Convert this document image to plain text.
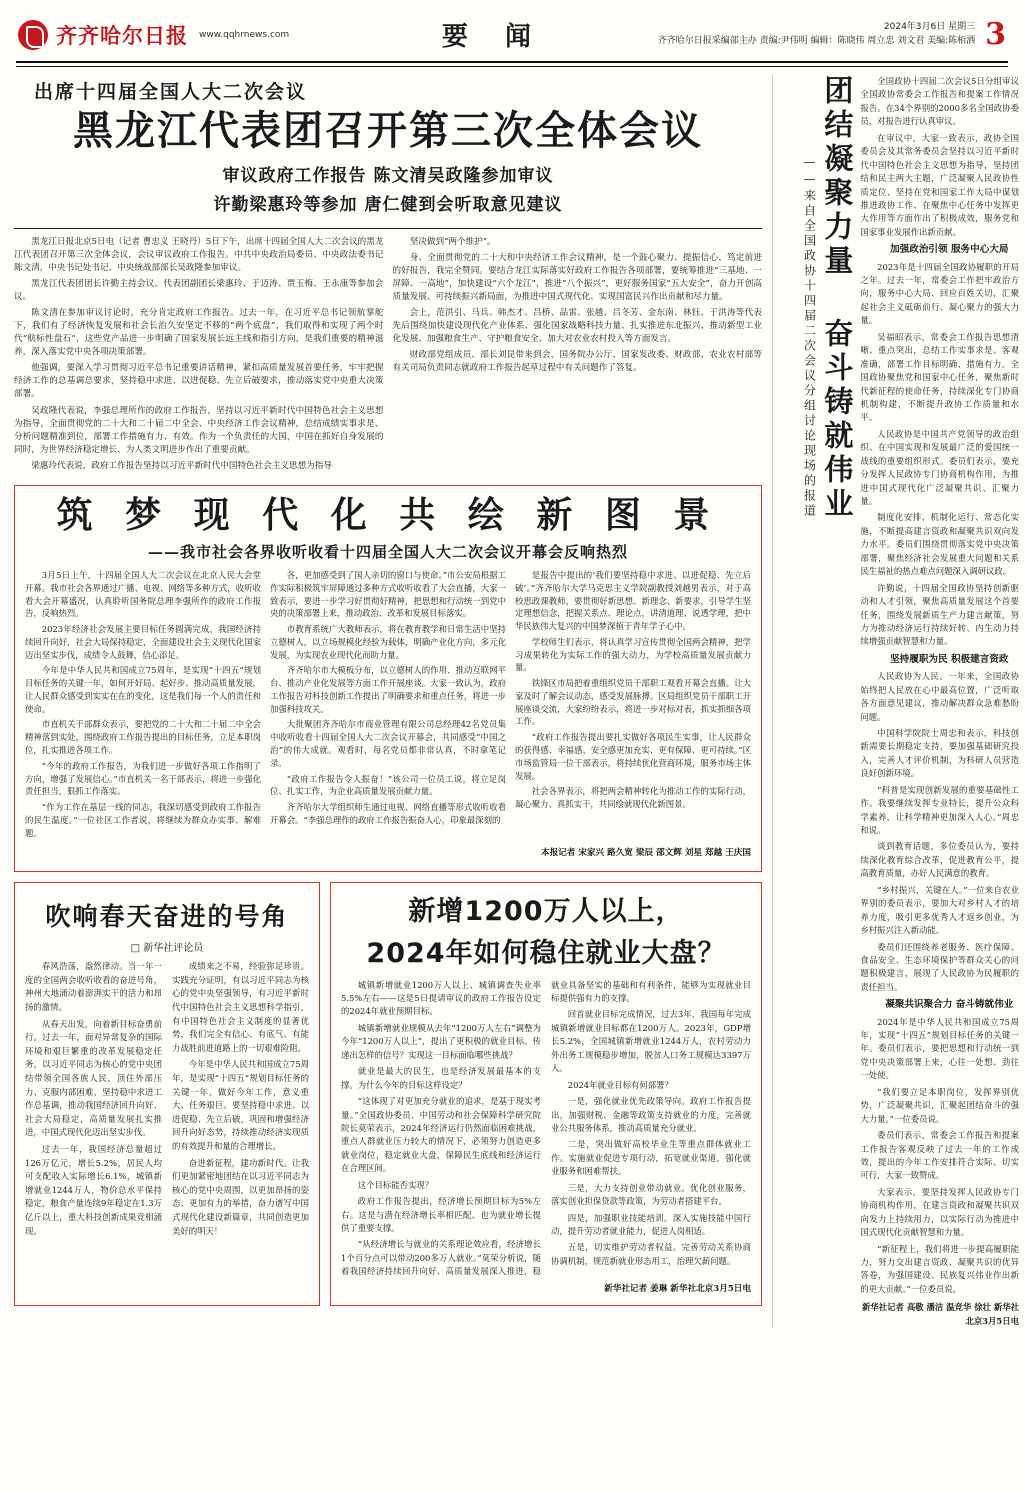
齐齐哈尔日报 www.qqhrnews.com	要 闻	2024年3月6日 星期三
齐齐哈尔日报采编部主办 责编:尹伟明 编辑：陈晓伟 周立忠 刘文君 美编:陈栢洒 3
出席十四届全国人大二次会议
黑龙江代表团召开第三次全体会议
审议政府工作报告 陈文清吴政隆参加审议
许勤梁惠玲等参加 唐仁健到会听取意见建议

黑龙江日报北京5日电（记者 曹忠义 王晓丹）5日下午，出席十四届全国人大二次会议的黑龙江代表团召开第三次全体会议，会议审议政府工作报告。中共中央政治局委员、中央政法委书记陈文清，中央书记处书记、中央统战部部长吴政隆参加审议。

黑龙江代表团团长许勤主持会议。代表团副团长梁惠玲、于迈涛、贾玉梅、王永康等参加会议。

陈文清在参加审议讨论时，充分肯定政府工作报告。过去一年，在习近平总书记领航掌舵下，我们有了经济恢复发展和社会长治久安坚定不移的“两个底盘”，我们取得和实现了两个时代“航标性盘石”，这些党产品进一步明确了国家发展长远主线和指引方向，是我们重要的精神滋养，深入落实党中央各项决策部署。

他强调，要深入学习贯彻习近平总书记重要讲话精神，紧扣高质量发展首要任务，牢牢把握经济工作的总基调总要求，坚持稳中求进、以进促稳、先立后破要求，推动落实党中央重大决策部署。

吴政隆代表说，李强总理所作的政府工作报告，坚持以习近平新时代中国特色社会主义思想为指导，全面贯彻党的二十大和二十届二中全会、中央经济工作会议精神，总结成绩实事求是、分析问题精准到位，部署工作措施有力、有效。作为一个负责任的大国，中国在抓好自身发展的同时，为世界经济稳定增长、为人类文明进步作出了重要贡献。

梁惠玲代表说，政府工作报告坚持以习近平新时代中国特色社会主义思想为指导

坚决做到“两个维护”。

身、全面贯彻党的二十大和中央经济工作会议精神，是一个鼓心聚力、提振信心、笃定前进的好报告，我完全赞同。要结合龙江实际落实好政府工作报告各项部署，要统筹推进“三基地、一屏障、一高地”，加快建设“六个龙江”，推进“八个振兴”，更好服务国家“五大安全”，奋力开创高质量发展、可持续振兴新局面，为推进中国式现代化、实现国富民兴作出贡献和尽力量。

会上，范洪引、马兵、韩杰才、吕桥、品雷、张越、吕冬芳、金东南、林钰、于洪涛等代表先后围绕加快建设现代化产业体系、强化国家战略科技力量、扎实推进东北振兴、推动新型工业化发展、加强粮食生产、守护粮食安全、加大对农业农村投入等方面发言。

财政部党组成员、部长刘昆带来到会，国务院办公厅、国家发改委、财政部、农业农村部等有关司局负责同志就政府工作报告起草过程中有关问题作了答复。

筑 梦 现 代 化 共 绘 新 图 景
——我市社会各界收听收看十四届全国人大二次会议开幕会反响热烈

3月5日上午，十四届全国人大二次会议在北京人民大会堂开幕。我市社会各界通过广播、电视、网络等多种方式，收听收看大会开幕盛况，认真聆听国务院总理李强所作的政府工作报告，反响热烈。

2023年经济社会发展主要目标任务圆满完成，我国经济持续回升向好，社会大局保持稳定，全面建设社会主义现代化国家迈出坚实步伐，成绩令人鼓舞，信心添足。

今年是中华人民共和国成立75周年，是实现“十四五”规划目标任务的关键一年，如何开好局、起好步、推动高质量发展，让人民群众感受到实实在在的变化，这是我们每一个人的责任和使命。

市直机关干部群众表示，要把党的二十大和二十届二中全会精神落到实处，围绕政府工作报告提出的目标任务，立足本职岗位，扎实推进各项工作。

“今年的政府工作报告，为我们进一步做好各项工作指明了方向，增强了发展信心。”市直机关一名干部表示，将进一步强化责任担当，狠抓工作落实。

“作为工作在基层一线的同志，我深切感受到政府工作报告的民生温度。”一位社区工作者说，将继续为群众办实事、解难题。

各，更加感受到了国人亲切的窗口与使命。”市公安局根据工作实际积极筑牢屏障通过多种方式收听收看了大会直播，大家一致表示，要进一步学习好贯彻好精神，把思想和行动统一到党中央的决策部署上来，推动政治、改革和发展目标落实。

市教育系统广大教师表示，将在教育教学和日常生活中坚持立德树人，以立场规模化经验为载体，明确产业化方向，多元化发展，为实现农业现代化而助力量。

齐齐哈尔市大模板分布，以立德树人的作用、推动互联网平台、推动产业化发展等方面工作开展座谈。大家一致认为，政府工作报告对科技创新工作提出了明确要求和重点任务，将进一步加强科技攻关。

大批聚团齐齐哈尔市商业管理有限公司总经理42名党员集中收听收看十四届全国人大二次会议开幕会，共同感受“中国之治”的伟大成就。观看时，每名党员都非常认真，不时拿笔记录。

“政府工作报告令人振奋！”该公司一位员工说，将立足岗位、扎实工作，为企业高质量发展贡献力量。

齐齐哈尔大学组织师生通过电视、网络直播等形式收听收看开幕会。“李强总理作的政府工作报告振奋人心，印象最深刻的

是报告中提出的‘我们要坚持稳中求进、以进促稳、先立后破’。”齐齐哈尔大学马克思主义学院副教授刘越男表示，对于高校思政课教师，要贯彻好新思想、新理念、新要求，引导学生坚定理想信念，把握关系点、理论点，讲清道理、说透学理，把中华民族伟大复兴的中国梦深植于青年学子心中。

学校师生们表示，将认真学习宣传贯彻全国两会精神，把学习成果转化为实际工作的强大动力，为学校高质量发展贡献力量。

铁锋区市局把着重组织党员干部职工观看开幕会直播。让大家及时了解会议动态，感受发展脉搏。区局组织党员干部职工开展座谈交流，大家纷纷表示，将进一步对标对表，抓实抓细各项工作。

“政府工作报告提出要扎实做好各项民生实事，让人民群众的获得感、幸福感、安全感更加充实、更有保障、更可持续。”区市场监管局一位干部表示，将持续优化营商环境，服务市场主体发展。

社会各界表示，将把两会精神转化为推动工作的实际行动，凝心聚力、真抓实干，共同绘就现代化新图景。

本报记者 宋家兴 路久宽 梁辰 邵文辉 刘星 郑越 王庆国
吹响春天奋进的号角
□ 新华社评论员

春风浩荡，盎然律动。当一年一度的全国两会收听收看的奋进号角，神州大地涌动着澎湃实干的活力和昂扬的激情。

从春天出发，向着新目标奋勇前行。过去一年，面对异常复杂的国际环境和艰巨繁重的改革发展稳定任务，以习近平同志为核心的党中央团结带领全国各族人民，顶住外部压力、克服内部困难，坚持稳中求进工作总基调，推动我国经济回升向好、社会大局稳定，高质量发展扎实推进，中国式现代化迈出坚实步伐。

过去一年，我国经济总量超过126万亿元，增长5.2%，居民人均可支配收入实际增长6.1%，城镇新增就业1244万人，物价总水平保持稳定，粮食产量连续9年稳定在1.3万亿斤以上，重大科技创新成果竞相涌现。

成绩来之不易，经验弥足珍贵。实践充分证明，有以习近平同志为核心的党中央坚强领导，有习近平新时代中国特色社会主义思想科学指引，有中国特色社会主义制度的显著优势，我们完全有信心、有底气、有能力战胜前进道路上的一切艰难险阻。

今年是中华人民共和国成立75周年，是实现“十四五”规划目标任务的关键一年。做好今年工作，意义重大、任务艰巨。要坚持稳中求进、以进促稳、先立后破，巩固和增强经济回升向好态势，持续推动经济实现质的有效提升和量的合理增长。

奋进新征程，建功新时代。让我们更加紧密地团结在以习近平同志为核心的党中央周围，以更加昂扬的姿态、更加有力的举措，奋力谱写中国式现代化建设新篇章，共同创造更加美好的明天！

新增1200万人以上，
2024年如何稳住就业大盘？

城镇新增就业1200万人以上、城镇调查失业率5.5%左右——这是5日提请审议的政府工作报告设定的2024年就业预期目标。

城镇新增就业规模从去年“1200万人左右”调整为今年“1200万人以上”，提出了更积极的就业目标。传递出怎样的信号？实现这一目标面临哪些挑战？

就业是最大的民生，也是经济发展最基本的支撑。为什么今年的目标这样设定？

“这体现了对更加充分就业的追求，是基于现实考量。”全国政协委员、中国劳动和社会保障科学研究院院长莫荣表示，2024年经济运行仍然面临困难挑战，重点人群就业压力较大的情况下，必须努力创造更多就业岗位，稳定就业大盘，保障民生底线和经济运行在合理区间。

这个目标能否实现？

政府工作报告提出，经济增长预期目标为5%左右。这是与潜在经济增长率相匹配、也为就业增长提供了重要支撑。

“从经济增长与就业的关系理论效应看，经济增长1个百分点可以带动200多万人就业。”莫荣分析说，随着我国经济持续回升向好、高质量发展深入推进，稳就业具备坚实的基础和有利条件，能够为实现就业目标提供强有力的支撑。

回首就业目标完成情况，过去3年，我国每年完成城镇新增就业目标都在1200万人。2023年，GDP增长5.2%，全国城镇新增就业1244万人，农村劳动力外出务工规模稳步增加，脱贫人口务工规模达3397万人。

2024年就业目标有何部署？

一是，强化就业优先政策导向。政府工作报告提出，加强财税、金融等政策支持就业的力度，完善就业公共服务体系，推动高质量充分就业。

二是，突出做好高校毕业生等重点群体就业工作。实施就业促进专项行动，拓宽就业渠道，强化就业服务和困难帮扶。

三是，大力支持创业带动就业。优化创业服务，落实创业担保贷款等政策，为劳动者搭建平台。

四是，加强职业技能培训。深入实施技能中国行动，提升劳动者就业能力，促进人岗相适。

五是，切实维护劳动者权益。完善劳动关系协商协调机制，规范新就业形态用工，治理欠薪问题。

新华社记者 姜琳 新华社北京3月5日电
团结凝聚力量 奋斗铸就伟业
——来自全国政协十四届二次会议分组讨论现场的报道

全国政协十四届二次会议5日分组审议全国政协常委会工作报告和提案工作情况报告。在34个界别的2000多名全国政协委员，对报告进行认真审议。

在审议中，大家一致表示，政协全国委员会及其常务委员会坚持以习近平新时代中国特色社会主义思想为指导，坚持团结和民主两大主题，广泛凝聚人民政协性质定位、坚持在党和国家工作大局中谋划推进政协工作、在聚焦中心任务中发挥更大作用等方面作出了积极成效，服务党和国家事业发展作出新贡献。

加强政治引领 服务中心大局

2023年是十四届全国政协履职的开局之年。过去一年，常委会工作把牢政治方向，服务中心大局、回应百姓关切，汇聚起社会主义砥砺前行、凝心聚力的强大力量。

吴福昭表示，常委会工作报告思想清晰、重点突出，总结工作实事求是、客观准确，部署工作目标明确、措施有力。全国政协聚焦党和国家中心任务，聚焦新时代新征程的使命任务，持续深化专门协商机制构建，不断提升政协工作质量和水平。

人民政协是中国共产党领导的政治组织、在中国实现和发展最广泛的爱国统一战线的重要组织形式。委员们表示，要充分发挥人民政协专门协商机构作用，为推进中国式现代化广泛凝聚共识、汇聚力量。

制度化安排、机制化运行、常态化实施，不断提高建言资政和凝聚共识双向发力水平。委员们围绕贯彻落实党中央决策部署，聚焦经济社会发展重大问题和关系民生福祉的热点难点问题深入调研议政。

许勤说，十四届全国政协坚持创新驱动和人才引领，聚焦高质量发展这个首要任务，围绕发展新质生产力建言献策，努力为推动经济运行持续好转、内生动力持续增强贡献智慧和力量。

坚持履职为民 积极建言资政

人民政协为人民。一年来，全国政协始终把人民放在心中最高位置，广泛听取各方面意见建议，推动解决群众急难愁盼问题。

中国科学院院士周忠和表示，科技创新需要长期稳定支持，要加强基础研究投入，完善人才评价机制，为科研人员营造良好创新环境。

“科普是实现创新发展的重要基础性工作。我要继续发挥专业特长，提升公众科学素养，让科学精神更加深入人心。”周忠和说。

谈到教育话题，多位委员认为，要持续深化教育综合改革，促进教育公平，提高教育质量，办好人民满意的教育。

“乡村振兴，关键在人。”一位来自农业界别的委员表示，要加大对乡村人才的培养力度，吸引更多优秀人才返乡创业，为乡村振兴注入新动能。

委员们还围绕养老服务、医疗保障、食品安全、生态环境保护等群众关心的问题积极建言，展现了人民政协为民履职的责任担当。

凝聚共识聚合力 奋斗铸就伟业

2024年是中华人民共和国成立75周年，实现“十四五”规划目标任务的关键一年。委员们表示，要把思想和行动统一到党中央决策部署上来，心往一处想、劲往一处使。

“我们要立足本职岗位，发挥界别优势，广泛凝聚共识，汇聚起团结奋斗的强大力量。”一位委员说。

委员们表示，常委会工作报告和提案工作报告客观反映了过去一年的工作成效，提出的今年工作安排符合实际、切实可行，大家一致赞成。

大家表示，要坚持发挥人民政协专门协商机构作用，在建言资政和凝聚共识双向发力上持续用力，以实际行动为推进中国式现代化贡献智慧和力量。

“新征程上，我们将进一步提高履职能力，努力交出建言资政、凝聚共识的优异答卷，为强国建设、民族复兴伟业作出新的更大贡献。”一位委员说。

新华社记者 高敬 潘洁 温竞华 徐壮 新华社北京3月5日电
